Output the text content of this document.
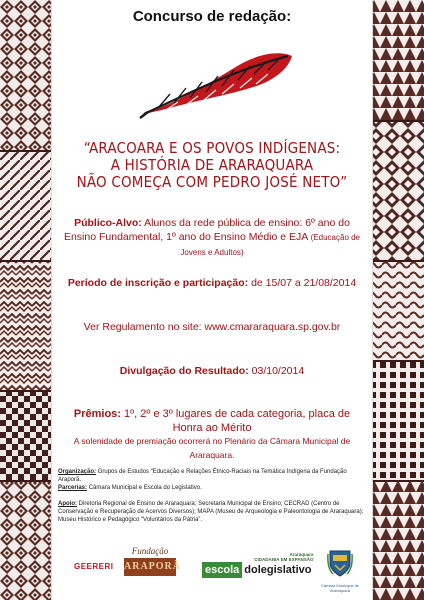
Concurso de redação:
“ARACOARA E OS POVOS INDÍGENAS:
A HISTÓRIA DE ARARAQUARA
NÃO COMEÇA COM PEDRO JOSÉ NETO”
Público-Alvo: Alunos da rede pública de ensino: 6º ano do Ensino Fundamental, 1º ano do Ensino Médio e EJA (Educação de Jovens e Adultos)
Período de inscrição e participação: de 15/07 a 21/08/2014
Ver Regulamento no site: www.cmararaquara.sp.gov.br
Divulgação do Resultado: 03/10/2014
Prêmios: 1º, 2º e 3º lugares de cada categoria, placa de Honra ao Mérito
A solenidade de premiação ocorrerá no Plenário da Câmara Municipal de Araraquara.
Organização: Grupos de Estudos “Educação e Relações Étnico-Raciais na Temática Indígena da Fundação Araporã.
Parcerias: Câmara Municipal e Escola do Legislativo.
Apoio: Diretoria Regional de Ensino de Araraquara; Secretaria Municipal de Ensino; CECRAD (Centro de Conservação e Recuperação de Acervos Diversos); MAPA (Museu de Arqueologia e Paleontologia de Araraquara); Museu Histórico e Pedagógico “Voluntários da Pátria”.
GEERERI
Fundação
ARAPORÃ
Araraquara
CIDADANIA EM EXPANSÃO
escola dolegislativo
Câmara Municipal de Araraquara
